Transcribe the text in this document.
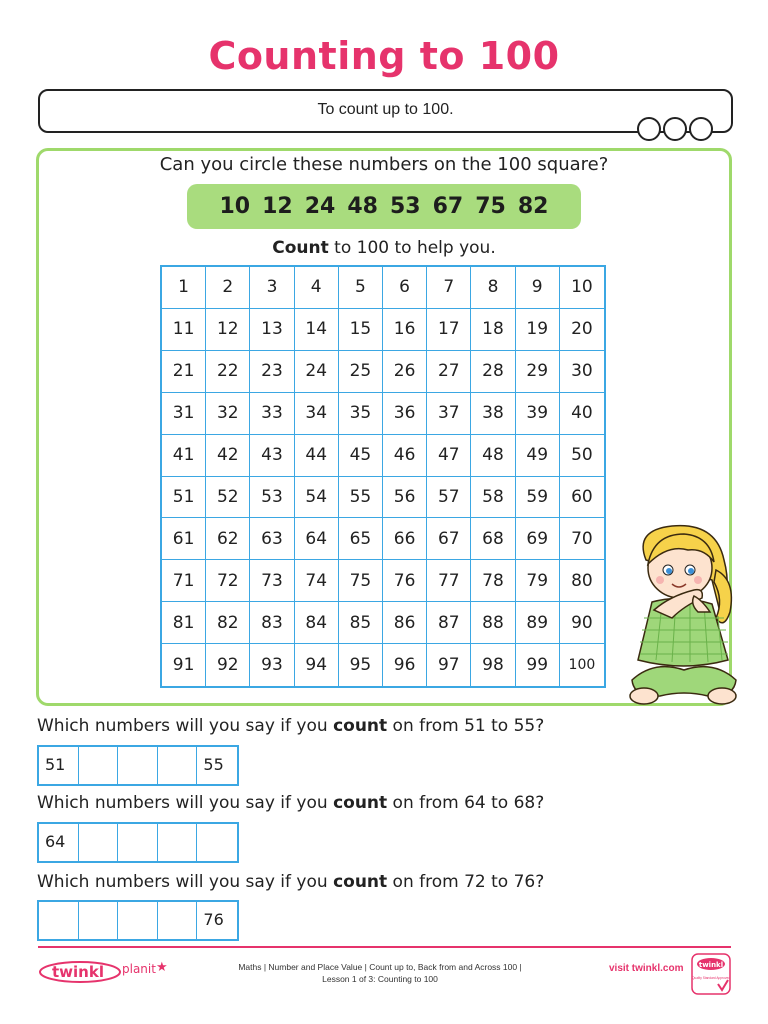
Counting to 100
To count up to 100.
Can you circle these numbers on the 100 square?
10 12 24 48 53 67 75 82
Count to 100 to help you.
1	2	3	4	5	6	7	8	9	10
11	12	13	14	15	16	17	18	19	20
21	22	23	24	25	26	27	28	29	30
31	32	33	34	35	36	37	38	39	40
41	42	43	44	45	46	47	48	49	50
51	52	53	54	55	56	57	58	59	60
61	62	63	64	65	66	67	68	69	70
71	72	73	74	75	76	77	78	79	80
81	82	83	84	85	86	87	88	89	90
91	92	93	94	95	96	97	98	99	100
Which numbers will you say if you count on from 51 to 55?
51	55
Which numbers will you say if you count on from 64 to 68?
64
Which numbers will you say if you count on from 72 to 76?
76
twinkl planit ★	Maths | Number and Place Value | Count up to, Back from and Across 100 |
Lesson 1 of 3: Counting to 100
visit twinkl.com twinkl
Quality Standard Approved
